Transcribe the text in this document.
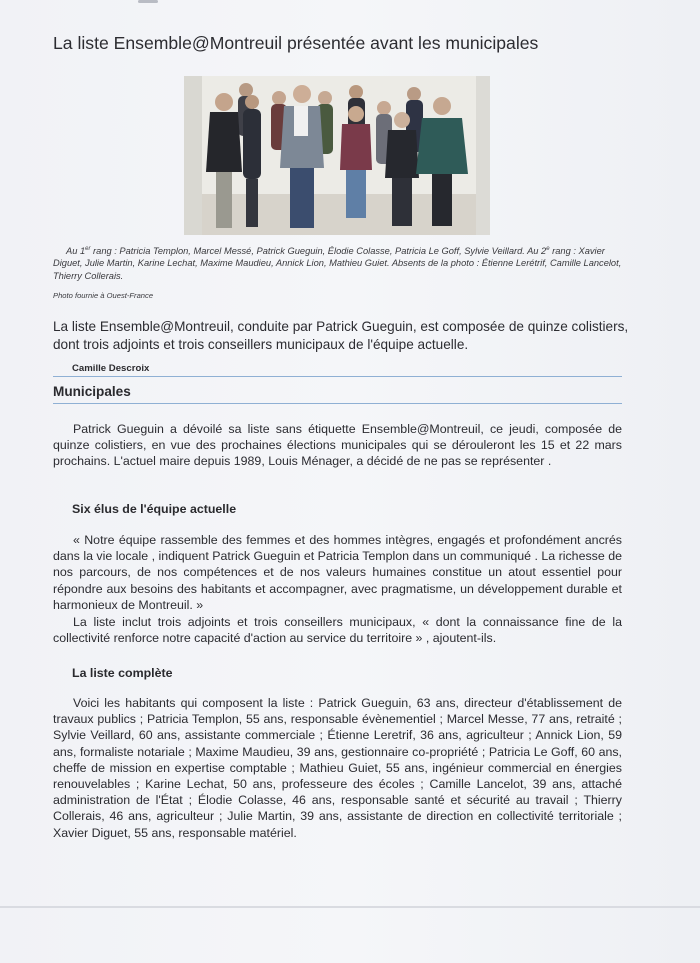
La liste Ensemble@Montreuil présentée avant les municipales
Au 1er rang : Patricia Templon, Marcel Messé, Patrick Gueguin, Élodie Colasse, Patricia Le Goff, Sylvie Veillard. Au 2e rang : Xavier Diguet, Julie Martin, Karine Lechat, Maxime Maudieu, Annick Lion, Mathieu Guiet. Absents de la photo : Étienne Lerétrif, Camille Lancelot, Thierry Collerais.
Photo fournie à Ouest-France
La liste Ensemble@Montreuil, conduite par Patrick Gueguin, est composée de quinze colistiers, dont trois adjoints et trois conseillers municipaux de l'équipe actuelle.
Camille Descroix
Municipales
Patrick Gueguin a dévoilé sa liste sans étiquette Ensemble@Montreuil, ce jeudi, composée de quinze colistiers, en vue des prochaines élections municipales qui se dérouleront les 15 et 22 mars prochains. L'actuel maire depuis 1989, Louis Ménager, a décidé de ne pas se représenter .
Six élus de l'équipe actuelle
« Notre équipe rassemble des femmes et des hommes intègres, engagés et profondément ancrés dans la vie locale , indiquent Patrick Gueguin et Patricia Templon dans un communiqué . La richesse de nos parcours, de nos compétences et de nos valeurs humaines constitue un atout essentiel pour répondre aux besoins des habitants et accompagner, avec pragmatisme, un développement durable et harmonieux de Montreuil. »
La liste inclut trois adjoints et trois conseillers municipaux, « dont la connaissance fine de la collectivité renforce notre capacité d'action au service du territoire » , ajoutent-ils.
La liste complète
Voici les habitants qui composent la liste : Patrick Gueguin, 63 ans, directeur d'établissement de travaux publics ; Patricia Templon, 55 ans, responsable évènementiel ; Marcel Messe, 77 ans, retraité ; Sylvie Veillard, 60 ans, assistante commerciale ; Étienne Leretrif, 36 ans, agriculteur ; Annick Lion, 59 ans, formaliste notariale ; Maxime Maudieu, 39 ans, gestionnaire co-propriété ; Patricia Le Goff, 60 ans, cheffe de mission en expertise comptable ; Mathieu Guiet, 55 ans, ingénieur commercial en énergies renouvelables ; Karine Lechat, 50 ans, professeure des écoles ; Camille Lancelot, 39 ans, attaché administration de l'État ; Élodie Colasse, 46 ans, responsable santé et sécurité au travail ; Thierry Collerais, 46 ans, agriculteur ; Julie Martin, 39 ans, assistante de direction en collectivité territoriale ; Xavier Diguet, 55 ans, responsable matériel.
